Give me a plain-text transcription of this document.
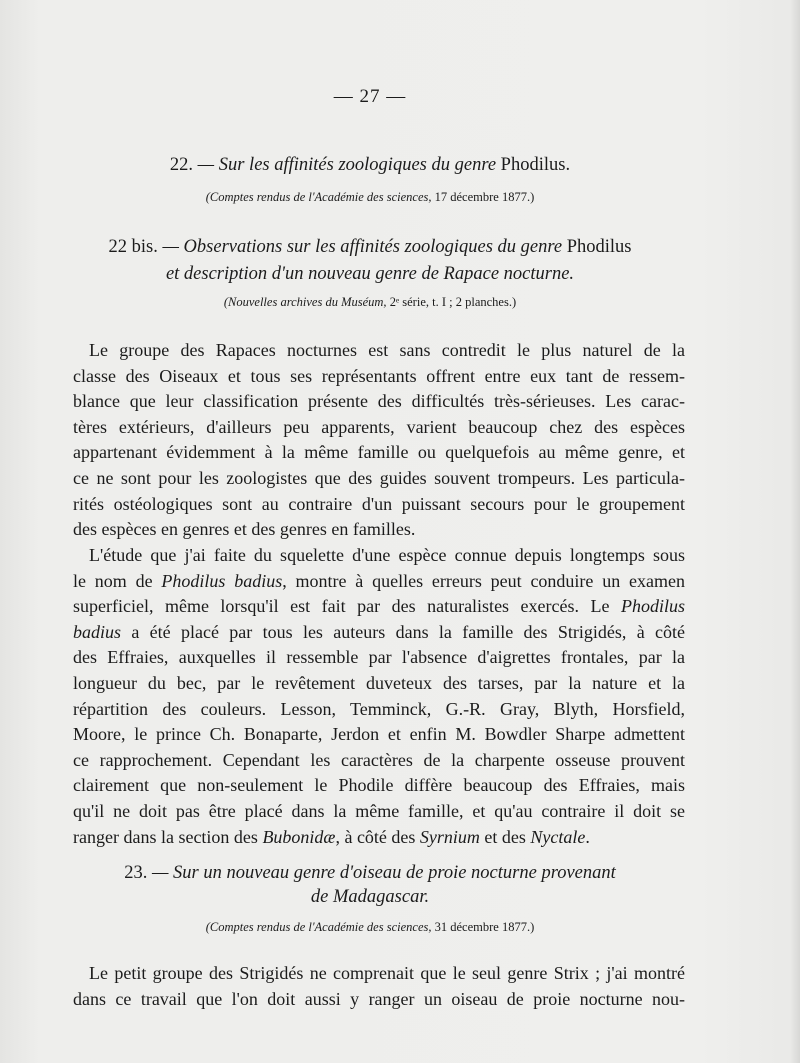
— 27 —
22. — Sur les affinités zoologiques du genre Phodilus.
(Comptes rendus de l'Académie des sciences, 17 décembre 1877.)
22 bis. — Observations sur les affinités zoologiques du genre Phodilus
et description d'un nouveau genre de Rapace nocturne.
(Nouvelles archives du Muséum, 2ᵉ série, t. I ; 2 planches.)
Le groupe des Rapaces nocturnes est sans contredit le plus naturel de la
classe des Oiseaux et tous ses représentants offrent entre eux tant de ressem-
blance que leur classification présente des difficultés très-sérieuses. Les carac-
tères extérieurs, d'ailleurs peu apparents, varient beaucoup chez des espèces
appartenant évidemment à la même famille ou quelquefois au même genre, et
ce ne sont pour les zoologistes que des guides souvent trompeurs. Les particula-
rités ostéologiques sont au contraire d'un puissant secours pour le groupement
des espèces en genres et des genres en familles.
L'étude que j'ai faite du squelette d'une espèce connue depuis longtemps sous
le nom de Phodilus badius, montre à quelles erreurs peut conduire un examen
superficiel, même lorsqu'il est fait par des naturalistes exercés. Le Phodilus
badius a été placé par tous les auteurs dans la famille des Strigidés, à côté
des Effraies, auxquelles il ressemble par l'absence d'aigrettes frontales, par la
longueur du bec, par le revêtement duveteux des tarses, par la nature et la
répartition des couleurs. Lesson, Temminck, G.-R. Gray, Blyth, Horsfield,
Moore, le prince Ch. Bonaparte, Jerdon et enfin M. Bowdler Sharpe admettent
ce rapprochement. Cependant les caractères de la charpente osseuse prouvent
clairement que non-seulement le Phodile diffère beaucoup des Effraies, mais
qu'il ne doit pas être placé dans la même famille, et qu'au contraire il doit se
ranger dans la section des Bubonidæ, à côté des Syrnium et des Nyctale.
23. — Sur un nouveau genre d'oiseau de proie nocturne provenant
de Madagascar.
(Comptes rendus de l'Académie des sciences, 31 décembre 1877.)
Le petit groupe des Strigidés ne comprenait que le seul genre Strix ; j'ai montré
dans ce travail que l'on doit aussi y ranger un oiseau de proie nocturne nou-
